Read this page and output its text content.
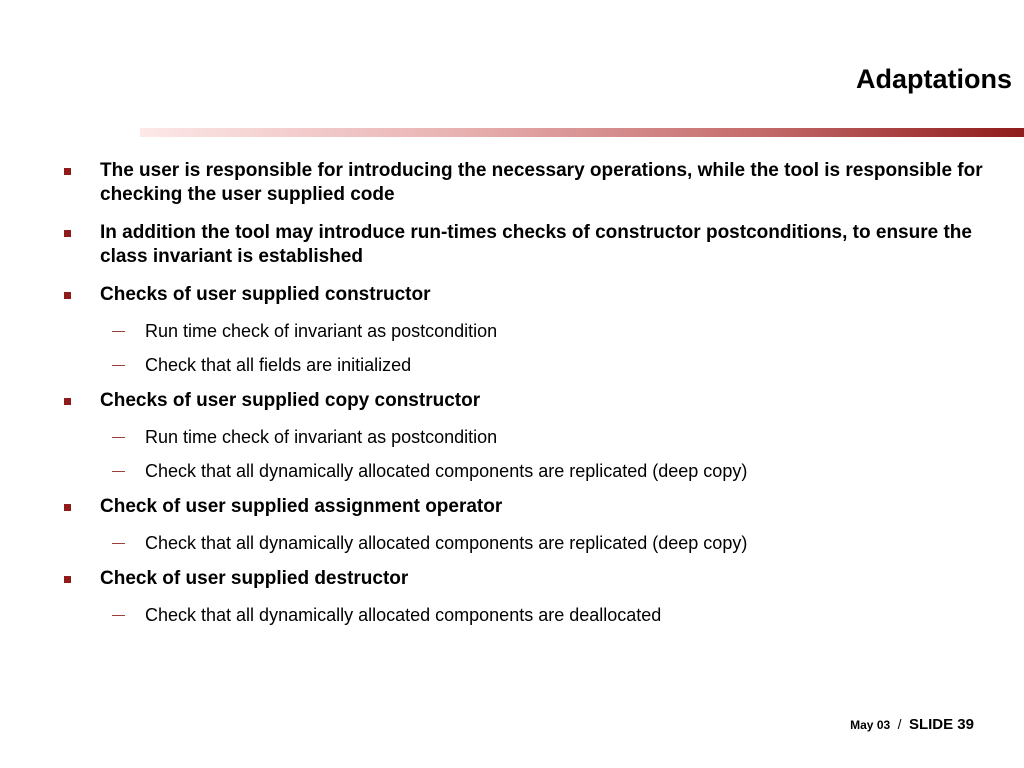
Adaptations
The user is responsible for introducing the necessary operations, while the tool is responsible for checking the user supplied code
In addition the tool may introduce run-times checks of constructor postconditions, to ensure the class invariant is established
Checks of user supplied constructor
— Run time check of invariant as postcondition
— Check that all fields are initialized
Checks of user supplied copy constructor
— Run time check of invariant as postcondition
— Check that all dynamically allocated components are replicated (deep copy)
Check of user supplied assignment operator
— Check that all dynamically allocated components are replicated (deep copy)
Check of user supplied destructor
— Check that all dynamically allocated components are deallocated
May 03 / SLIDE 39
